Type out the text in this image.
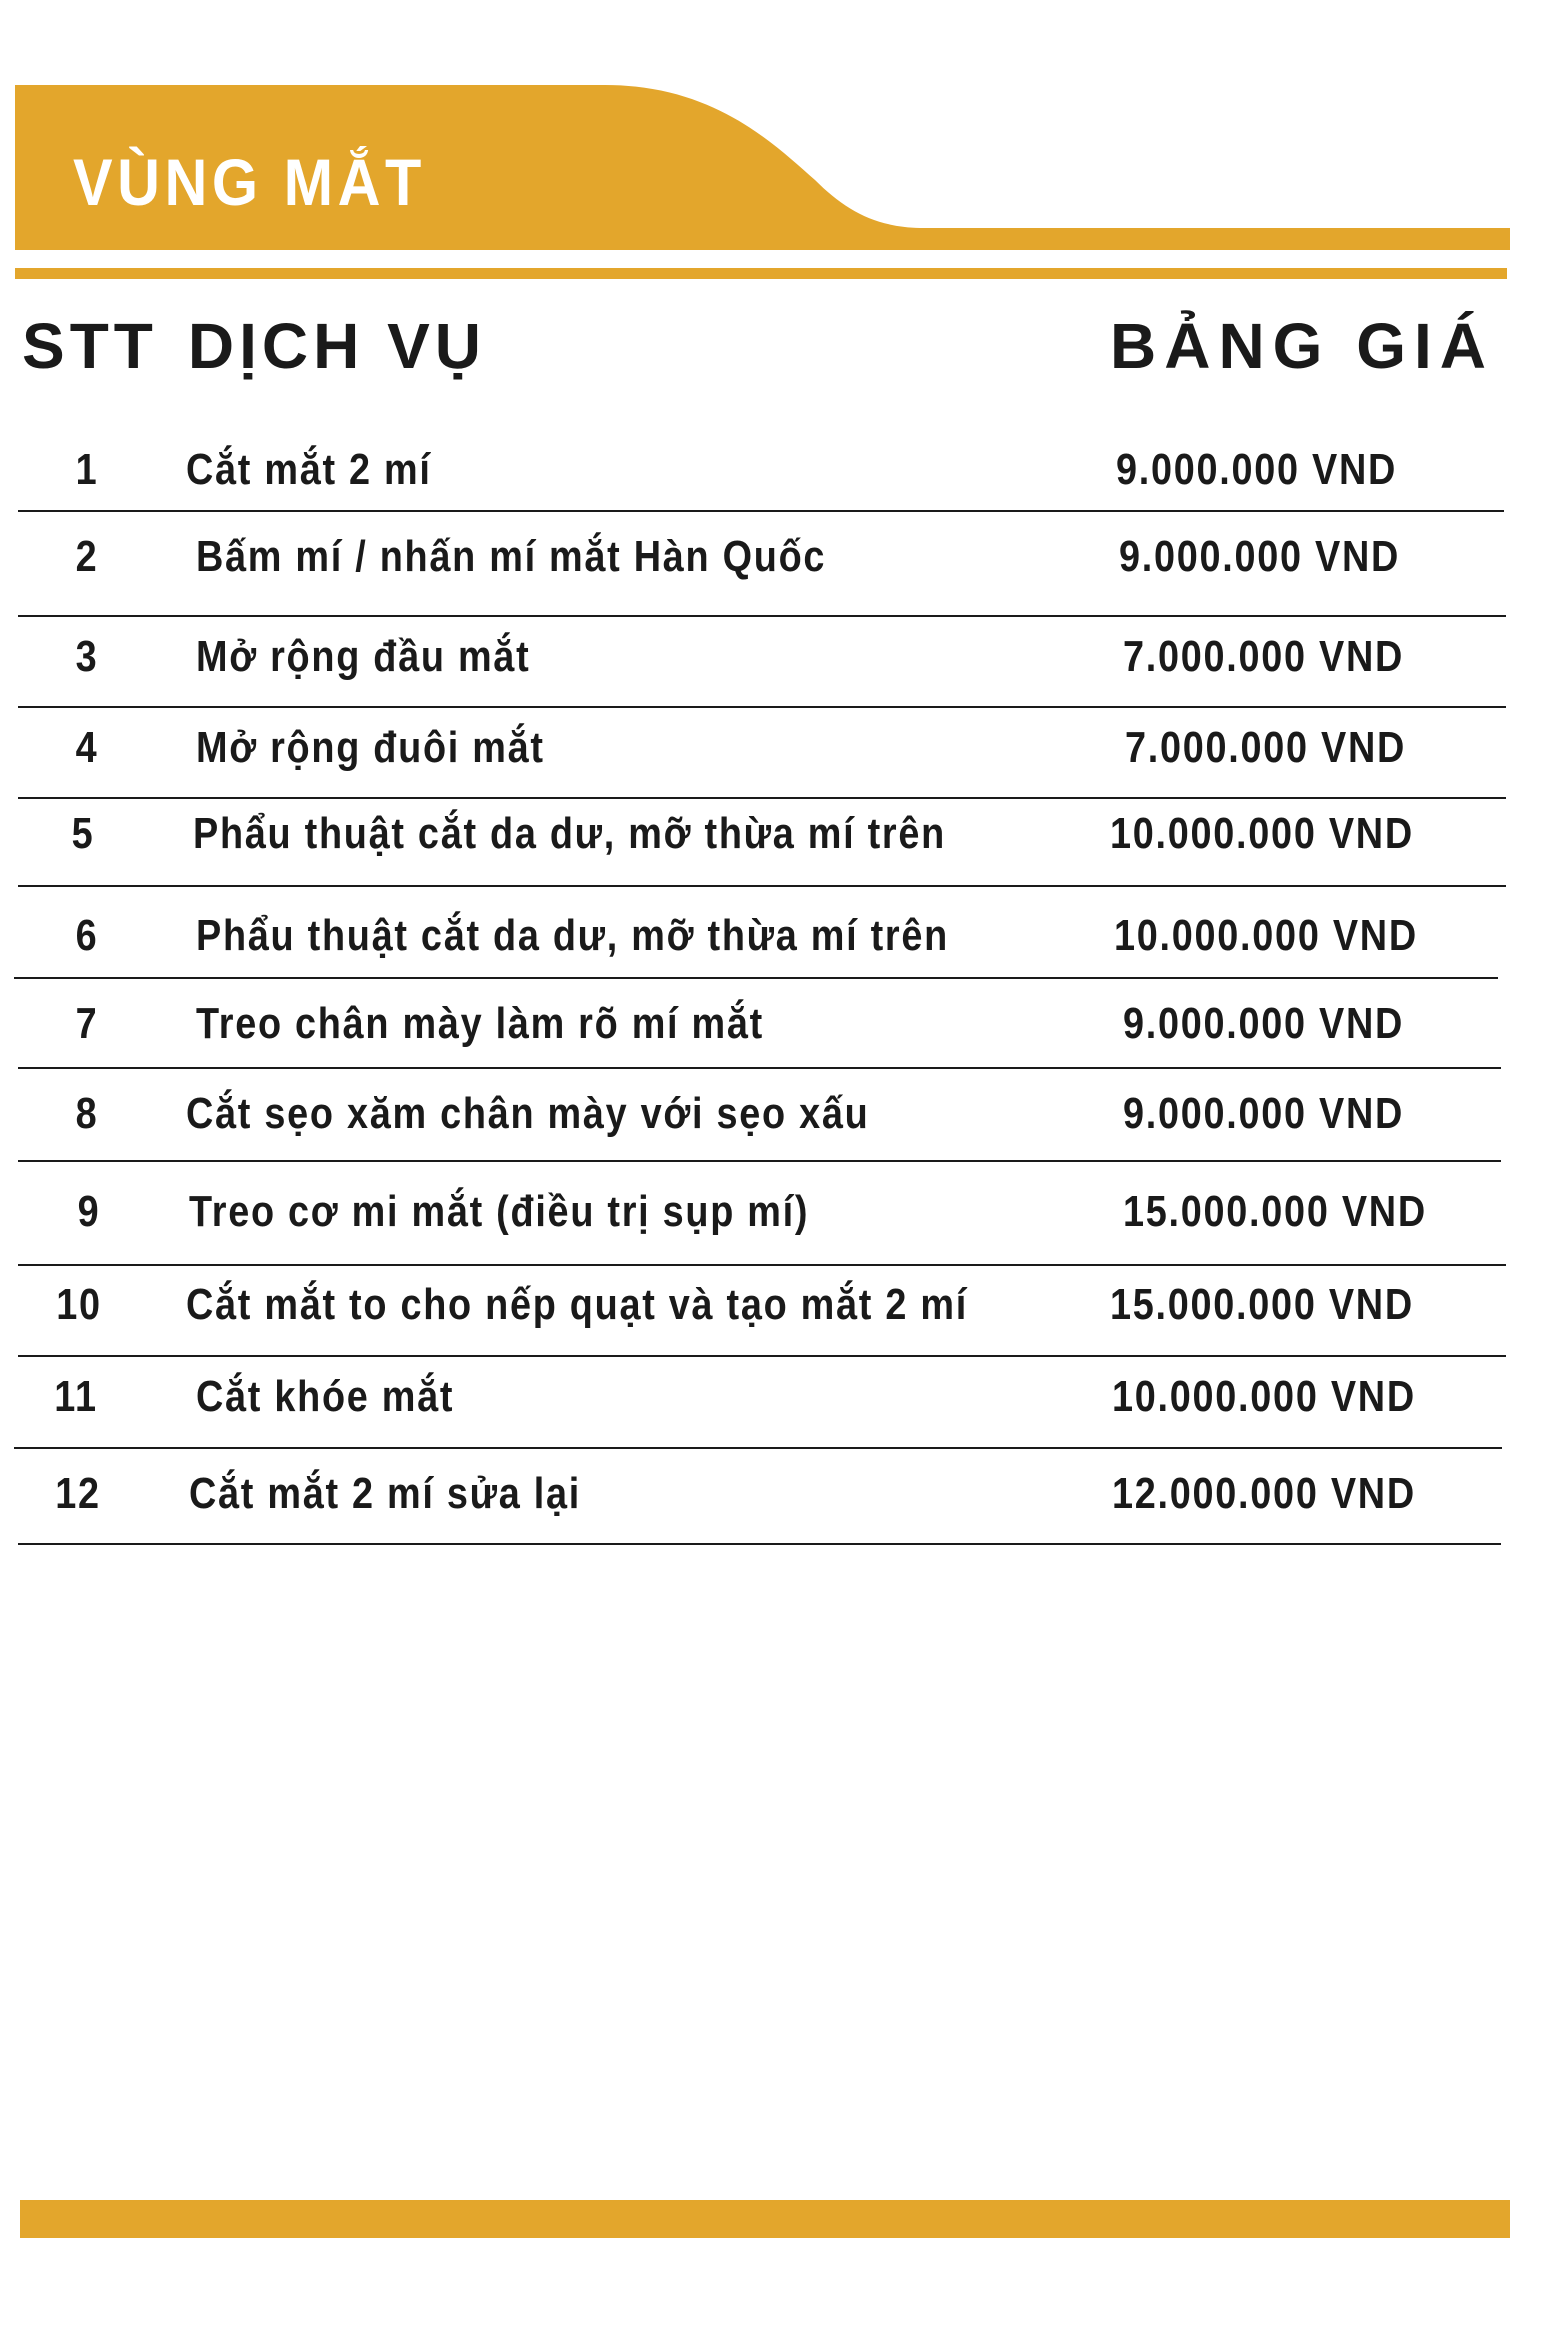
VÙNG MẮT
STT DỊCH VỤ	BẢNG GIÁ
1	Cắt mắt 2 mí	9.000.000 VND
2	Bấm mí / nhấn mí mắt Hàn Quốc	9.000.000 VND
3	Mở rộng đầu mắt	7.000.000 VND
4	Mở rộng đuôi mắt	7.000.000 VND
5	Phẩu thuật cắt da dư, mỡ thừa mí trên	10.000.000 VND
6	Phẩu thuật cắt da dư, mỡ thừa mí trên	10.000.000 VND
7	Treo chân mày làm rõ mí mắt	9.000.000 VND
8	Cắt sẹo xăm chân mày với sẹo xấu	9.000.000 VND
9	Treo cơ mi mắt (điều trị sụp mí)	15.000.000 VND
10 Cắt mắt to cho nếp quạt và tạo mắt 2 mí	15.000.000 VND
11 Cắt khóe mắt	10.000.000 VND
12 Cắt mắt 2 mí sửa lại	12.000.000 VND
